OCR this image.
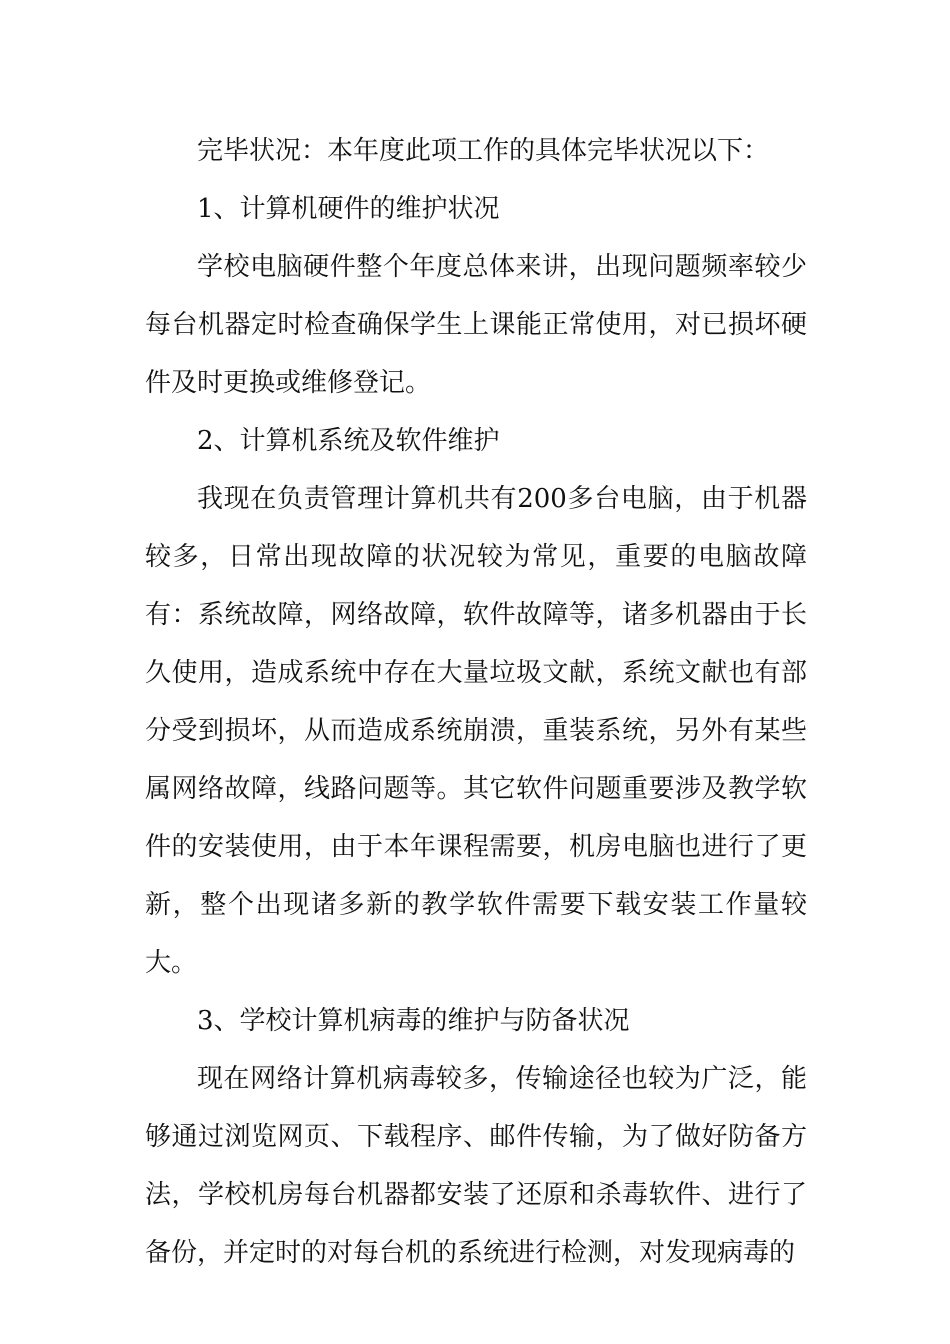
完毕状况：本年度此项工作的具体完毕状况以下：

1、计算机硬件的维护状况

学校电脑硬件整个年度总体来讲，出现问题频率较少每台机器定时检查确保学生上课能正常使用，对已损坏硬件及时更换或维修登记。

2、计算机系统及软件维护

我现在负责管理计算机共有200多台电脑，由于机器较多，日常出现故障的状况较为常见，重要的电脑故障有：系统故障，网络故障，软件故障等，诸多机器由于长久使用，造成系统中存在大量垃圾文献，系统文献也有部分受到损坏，从而造成系统崩溃，重装系统，另外有某些属网络故障，线路问题等。其它软件问题重要涉及教学软件的安装使用，由于本年课程需要，机房电脑也进行了更新，整个出现诸多新的教学软件需要下载安装工作量较大。

3、学校计算机病毒的维护与防备状况

现在网络计算机病毒较多，传输途径也较为广泛，能够通过浏览网页、下载程序、邮件传输，为了做好防备方法，学校机房每台机器都安装了还原和杀毒软件、进行了备份，并定时的对每台机的系统进行检测，对发现病毒的
